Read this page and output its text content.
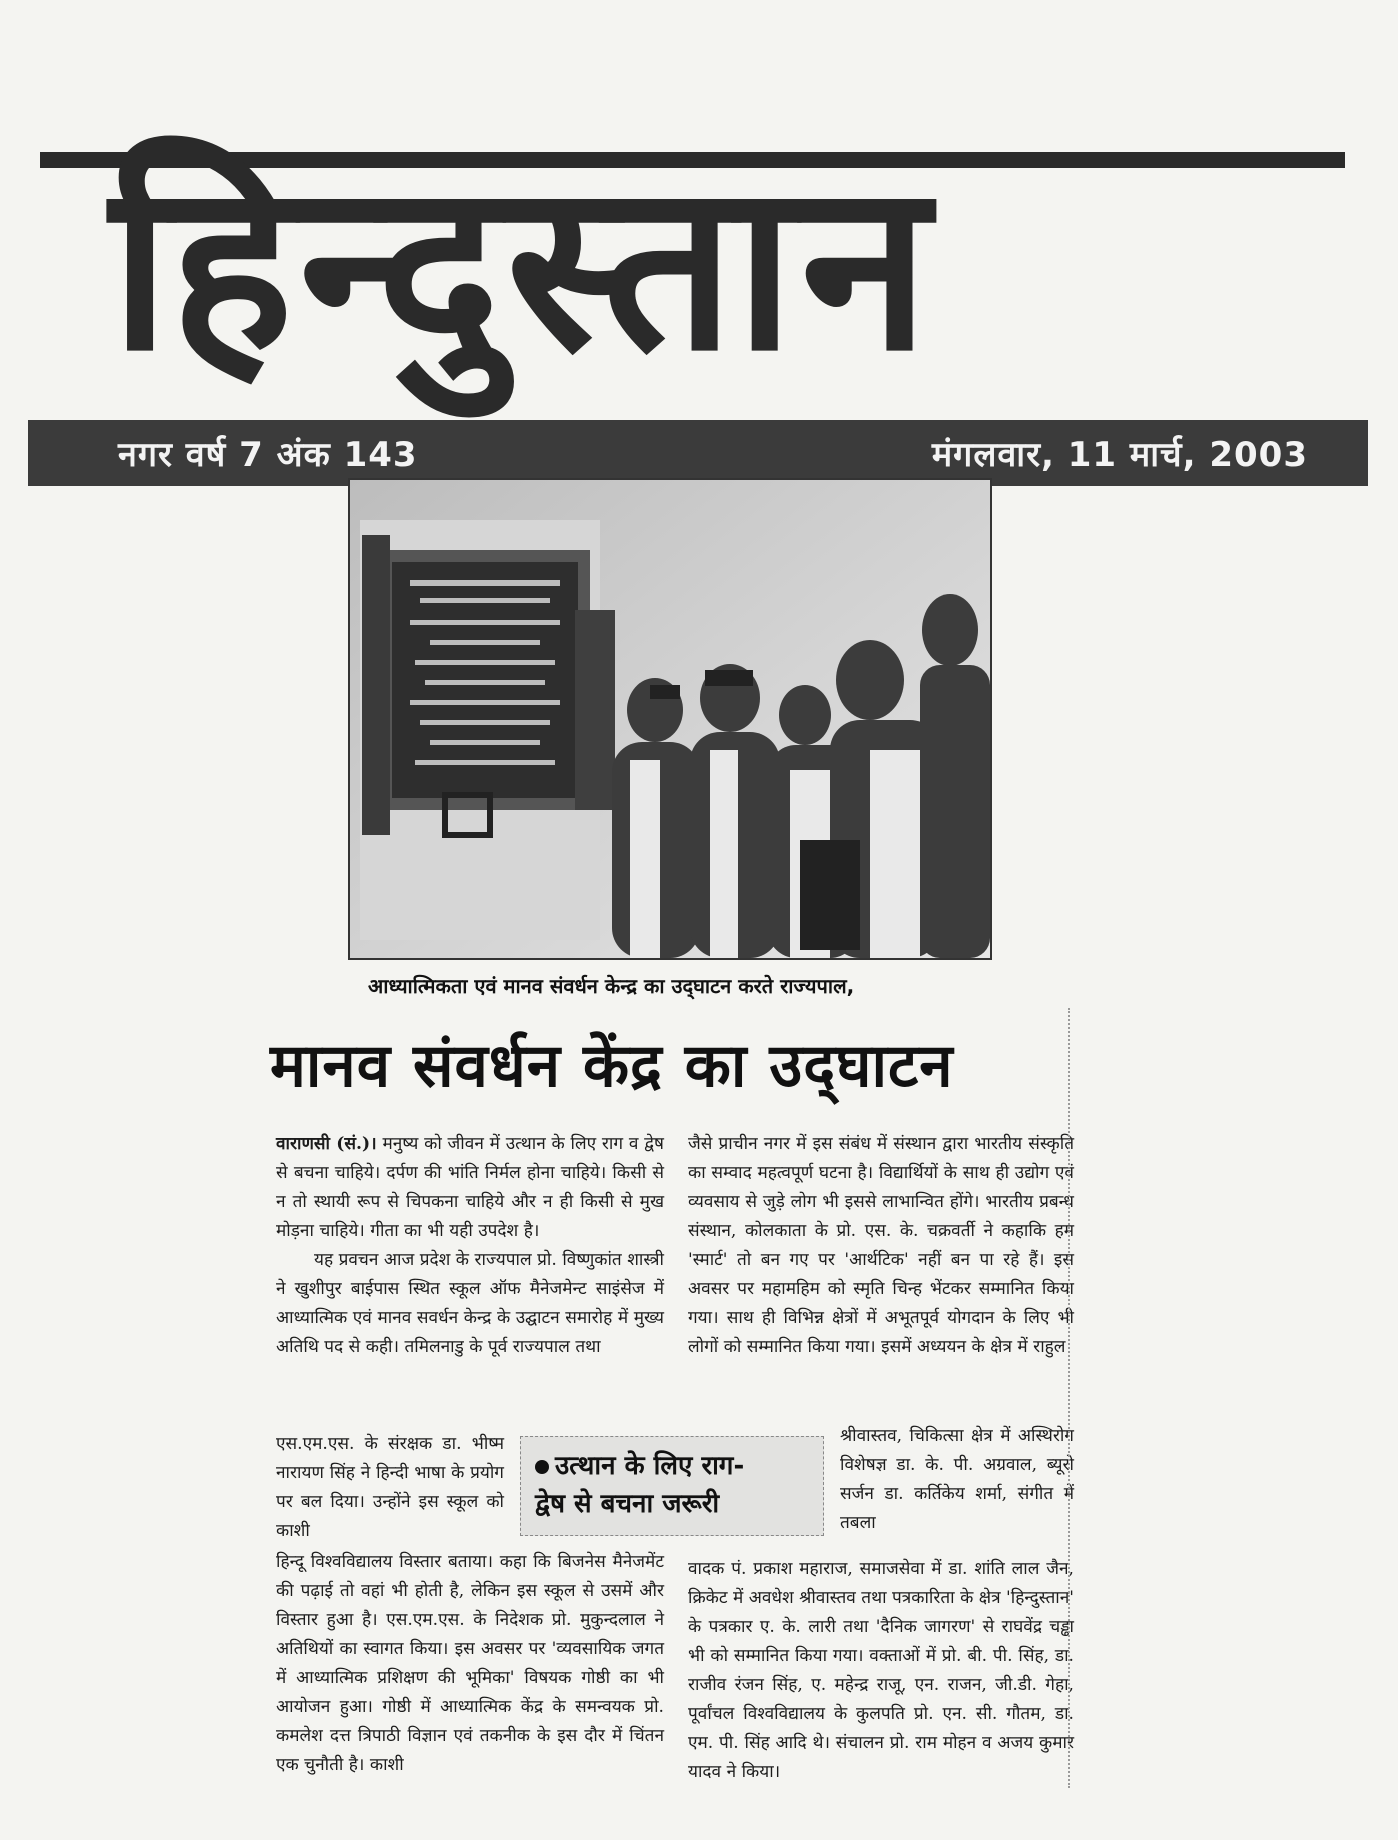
हिन्दुस्तान
नगर वर्ष 7 अंक 143	मंगलवार, 11 मार्च, 2003
आध्यात्मिकता एवं मानव संवर्धन केन्द्र का उद्‌घाटन करते राज्यपाल,
मानव संवर्धन केंद्र का उद्‌घाटन

वाराणसी (सं.)। मनुष्य को जीवन में उत्थान के लिए राग व द्वेष से बचना चाहिये। दर्पण की भांति निर्मल होना चाहिये। किसी से न तो स्थायी रूप से चिपकना चाहिये और न ही किसी से मुख मोड़ना चाहिये। गीता का भी यही उपदेश है।

यह प्रवचन आज प्रदेश के राज्यपाल प्रो. विष्णुकांत शास्त्री ने खुशीपुर बाईपास स्थित स्कूल ऑफ मैनेजमेन्ट साइंसेज में आध्यात्मिक एवं मानव सवर्धन केन्द्र के उद्घाटन समारोह में मुख्य अतिथि पद से कही। तमिलनाडु के पूर्व राज्यपाल तथा

एस.एम.एस. के संरक्षक डा. भीष्म नारायण सिंह ने हिन्दी भाषा के प्रयोग पर बल दिया। उन्होंने इस स्कूल को काशी
हिन्दू विश्वविद्यालय विस्तार बताया। कहा कि बिजनेस मैनेजमेंट की पढ़ाई तो वहां भी होती है, लेकिन इस स्कूल से उसमें और विस्तार हुआ है। एस.एम.एस. के निदेशक प्रो. मुकुन्दलाल ने अतिथियों का स्वागत किया। इस अवसर पर 'व्यवसायिक जगत में आध्यात्मिक प्रशिक्षण की भूमिका' विषयक गोष्ठी का भी आयोजन हुआ। गोष्ठी में आध्यात्मिक केंद्र के समन्वयक प्रो. कमलेश दत्त त्रिपाठी विज्ञान एवं तकनीक के इस दौर में चिंतन एक चुनौती है। काशी
उत्थान के लिए राग-
द्वेष से बचना जरूरी
जैसे प्राचीन नगर में इस संबंध में संस्थान द्वारा भारतीय संस्कृति का सम्वाद महत्वपूर्ण घटना है। विद्यार्थियों के साथ ही उद्योग एवं व्यवसाय से जुड़े लोग भी इससे लाभान्वित होंगे। भारतीय प्रबन्ध संस्थान, कोलकाता के प्रो. एस. के. चक्रवर्ती ने कहाकि हम 'स्मार्ट' तो बन गए पर 'आर्थटिक' नहीं बन पा रहे हैं। इस अवसर पर महामहिम को स्मृति चिन्ह भेंटकर सम्मानित किया गया। साथ ही विभिन्न क्षेत्रों में अभूतपूर्व योगदान के लिए भी लोगों को सम्मानित किया गया। इसमें अध्ययन के क्षेत्र में राहुल
श्रीवास्तव, चिकित्सा क्षेत्र में अस्थिरोग विशेषज्ञ डा. के. पी. अग्रवाल, ब्यूरो सर्जन डा. कर्तिकेय शर्मा, संगीत में तबला
वादक पं. प्रकाश महाराज, समाजसेवा में डा. शांति लाल जैन, क्रिकेट में अवधेश श्रीवास्तव तथा पत्रकारिता के क्षेत्र 'हिन्दुस्तान' के पत्रकार ए. के. लारी तथा 'दैनिक जागरण' से राघवेंद्र चड्ढा भी को सम्मानित किया गया। वक्ताओं में प्रो. बी. पी. सिंह, डा. राजीव रंजन सिंह, ए. महेन्द्र राजू, एन. राजन, जी.डी. गेहा, पूर्वांचल विश्वविद्यालय के कुलपति प्रो. एन. सी. गौतम, डा. एम. पी. सिंह आदि थे। संचालन प्रो. राम मोहन व अजय कुमार यादव ने किया।
